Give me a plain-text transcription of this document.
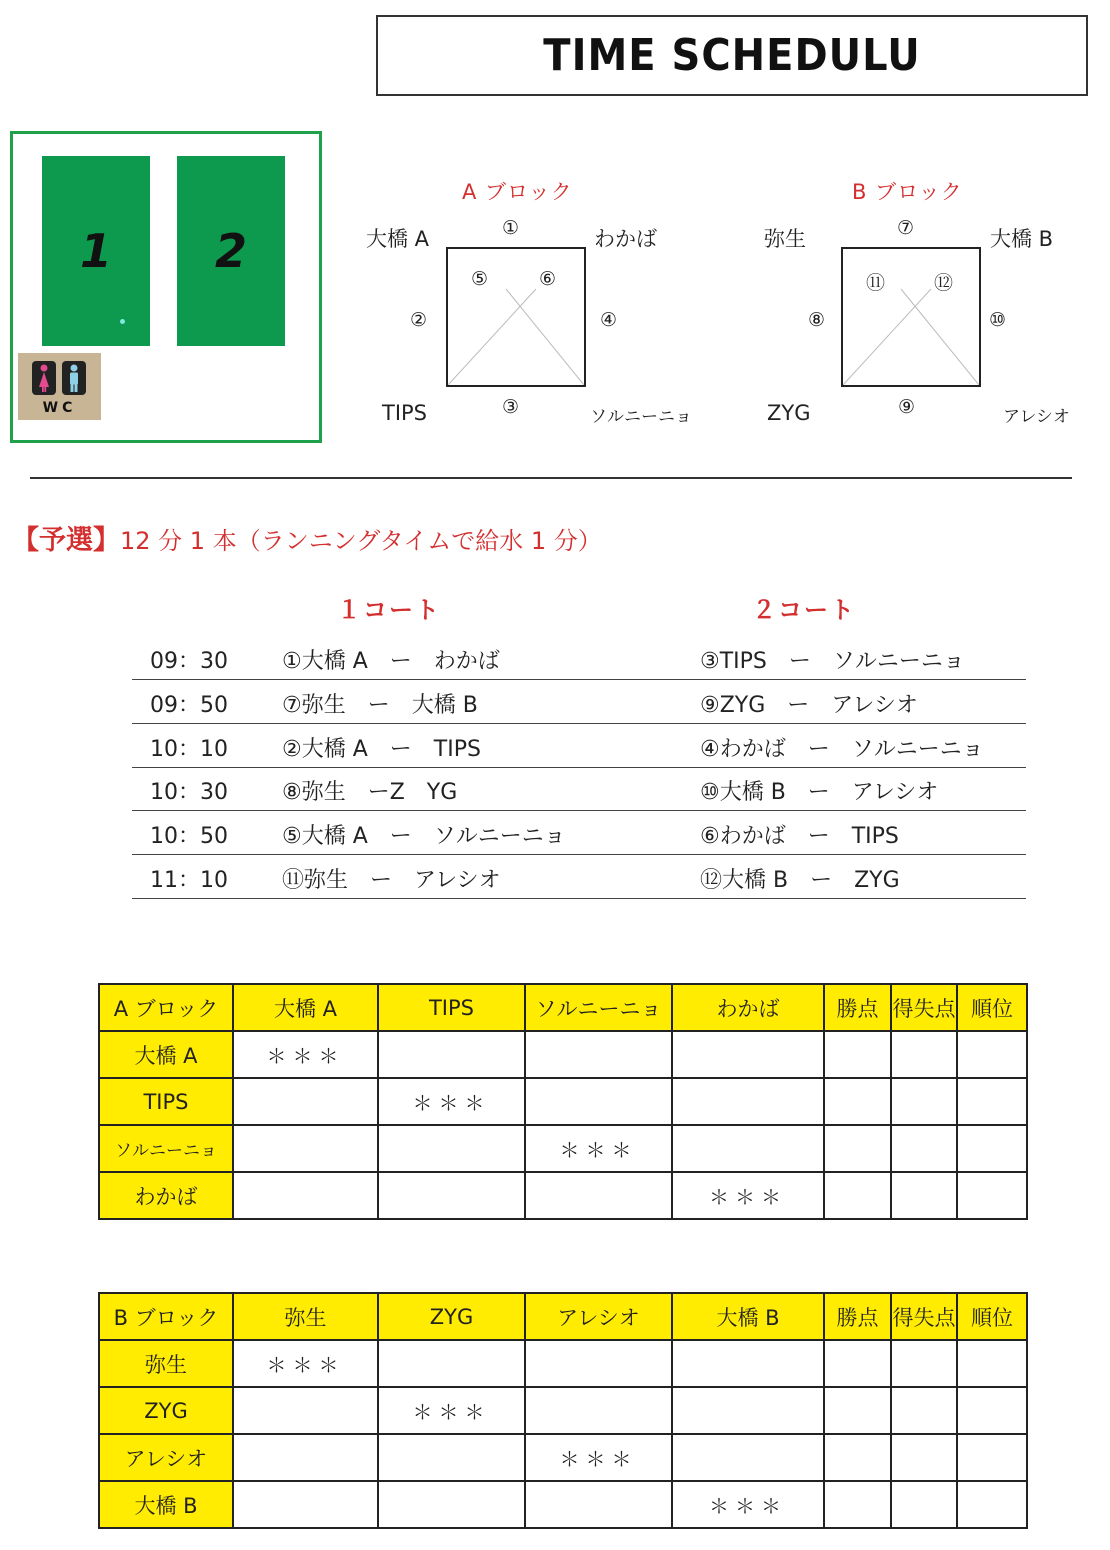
TIME SCHEDULU
1 2
WC
A ブロック
大橋 A	わかば
TIPS	ソルニーニョ
①
②
③
④
⑤	⑥
B ブロック
弥生	大橋 B
ZYG	アレシオ
⑦
⑧
⑨
⑩
⑪	⑫
【予選】12 分 1 本（ランニングタイムで給水 1 分）
１コート	２コート
09：30 ①大橋 A　ー　わかば	③TIPS　ー　ソルニーニョ
09：50 ⑦弥生　ー　大橋 B	⑨ZYG　ー　アレシオ
10：10 ②大橋 A　ー　TIPS	④わかば　ー　ソルニーニョ
10：30 ⑧弥生　ーZ　YG	⑩大橋 B　ー　アレシオ
10：50 ⑤大橋 A　ー　ソルニーニョ	⑥わかば　ー　TIPS
11：10 ⑪弥生　ー　アレシオ	⑫大橋 B　ー　ZYG
A ブロック	大橋 A	TIPS	ソルニーニョ	わかば	勝点	得失点	順位
大橋 A	＊＊＊						
TIPS		＊＊＊					
ソルニーニョ			＊＊＊				
わかば				＊＊＊			
B ブロック	弥生	ZYG	アレシオ	大橋 B	勝点	得失点	順位
弥生	＊＊＊						
ZYG		＊＊＊					
アレシオ			＊＊＊				
大橋 B				＊＊＊			
